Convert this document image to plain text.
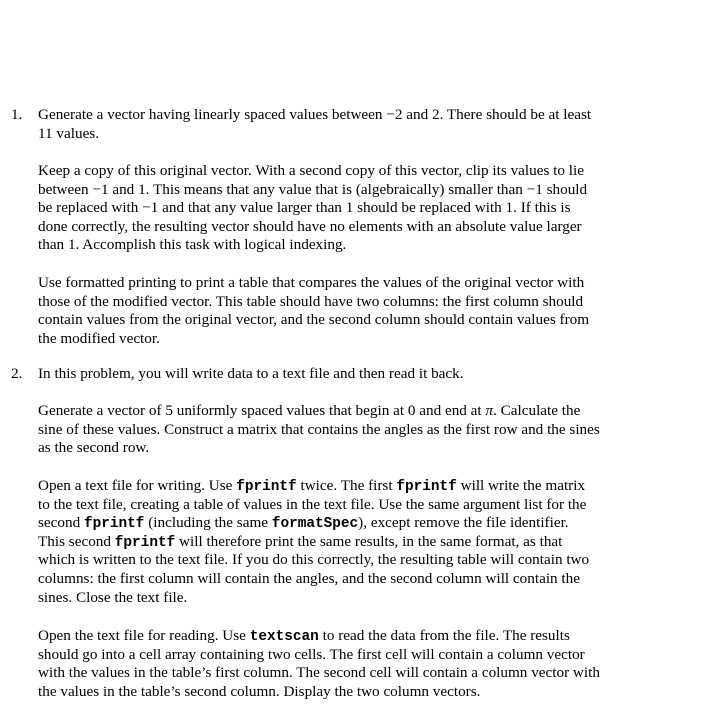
1. Generate a vector having linearly spaced values between −2 and 2. There should be at least
11 values.
Keep a copy of this original vector. With a second copy of this vector, clip its values to lie
between −1 and 1. This means that any value that is (algebraically) smaller than −1 should
be replaced with −1 and that any value larger than 1 should be replaced with 1. If this is
done correctly, the resulting vector should have no elements with an absolute value larger
than 1. Accomplish this task with logical indexing.
Use formatted printing to print a table that compares the values of the original vector with
those of the modified vector. This table should have two columns: the first column should
contain values from the original vector, and the second column should contain values from
the modified vector.
2. In this problem, you will write data to a text file and then read it back.
Generate a vector of 5 uniformly spaced values that begin at 0 and end at π. Calculate the
sine of these values. Construct a matrix that contains the angles as the first row and the sines
as the second row.
Open a text file for writing. Use fprintf twice. The first fprintf will write the matrix
to the text file, creating a table of values in the text file. Use the same argument list for the
second fprintf (including the same formatSpec), except remove the file identifier.
This second fprintf will therefore print the same results, in the same format, as that
which is written to the text file. If you do this correctly, the resulting table will contain two
columns: the first column will contain the angles, and the second column will contain the
sines. Close the text file.
Open the text file for reading. Use textscan to read the data from the file. The results
should go into a cell array containing two cells. The first cell will contain a column vector
with the values in the table’s first column. The second cell will contain a column vector with
the values in the table’s second column. Display the two column vectors.
